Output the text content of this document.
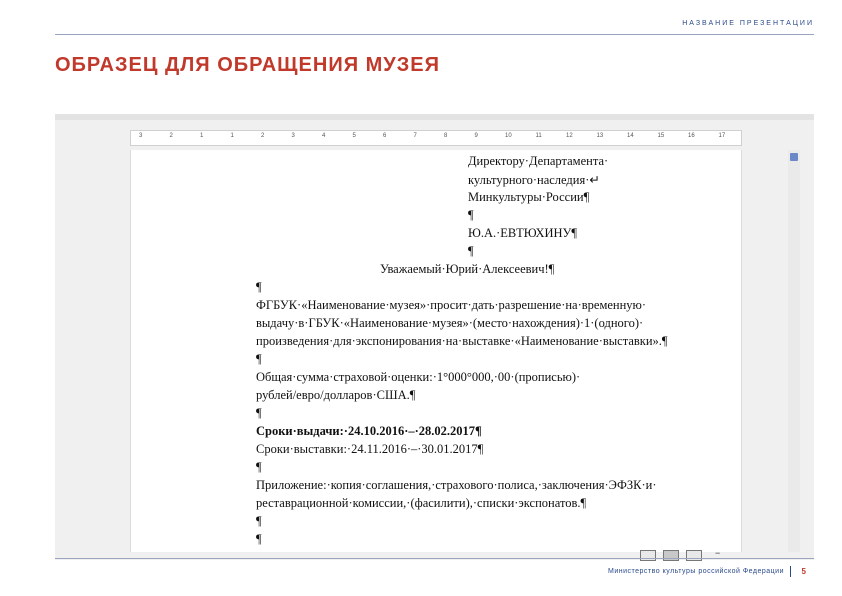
НАЗВАНИЕ ПРЕЗЕНТАЦИИ
ОБРАЗЕЦ ДЛЯ ОБРАЩЕНИЯ МУЗЕЯ
3	2	1	1	2	3	4	5	6	7	8	9	10	11	12	13	14	15	16	17
Директору·Департамента·
культурного·наследия·↵
Минкультуры·России¶
¶
Ю.А.·ЕВТЮХИНУ¶
¶
Уважаемый·Юрий·Алексеевич!¶
¶
ФГБУК·«Наименование·музея»·просит·дать·разрешение·на·временную·
выдачу·в·ГБУК·«Наименование·музея»·(место·нахождения)·1·(одного)·
произведения·для·экспонирования·на·выставке·«Наименование·выставки».¶
¶
Общая·сумма·страховой·оценки:·1°000°000,·00·(прописью)·
рублей/евро/долларов·США.¶
¶
Сроки·выдачи:·24.10.2016·–·28.02.2017¶
Сроки·выставки:·24.11.2016·–·30.01.2017¶
¶
Приложение:·копия·соглашения,·страхового·полиса,·заключения·ЭФЗК·и·
реставрационной·комиссии,·(фасилити),·списки·экспонатов.¶
¶
¶
−
Министерство культуры российской Федерации 5
